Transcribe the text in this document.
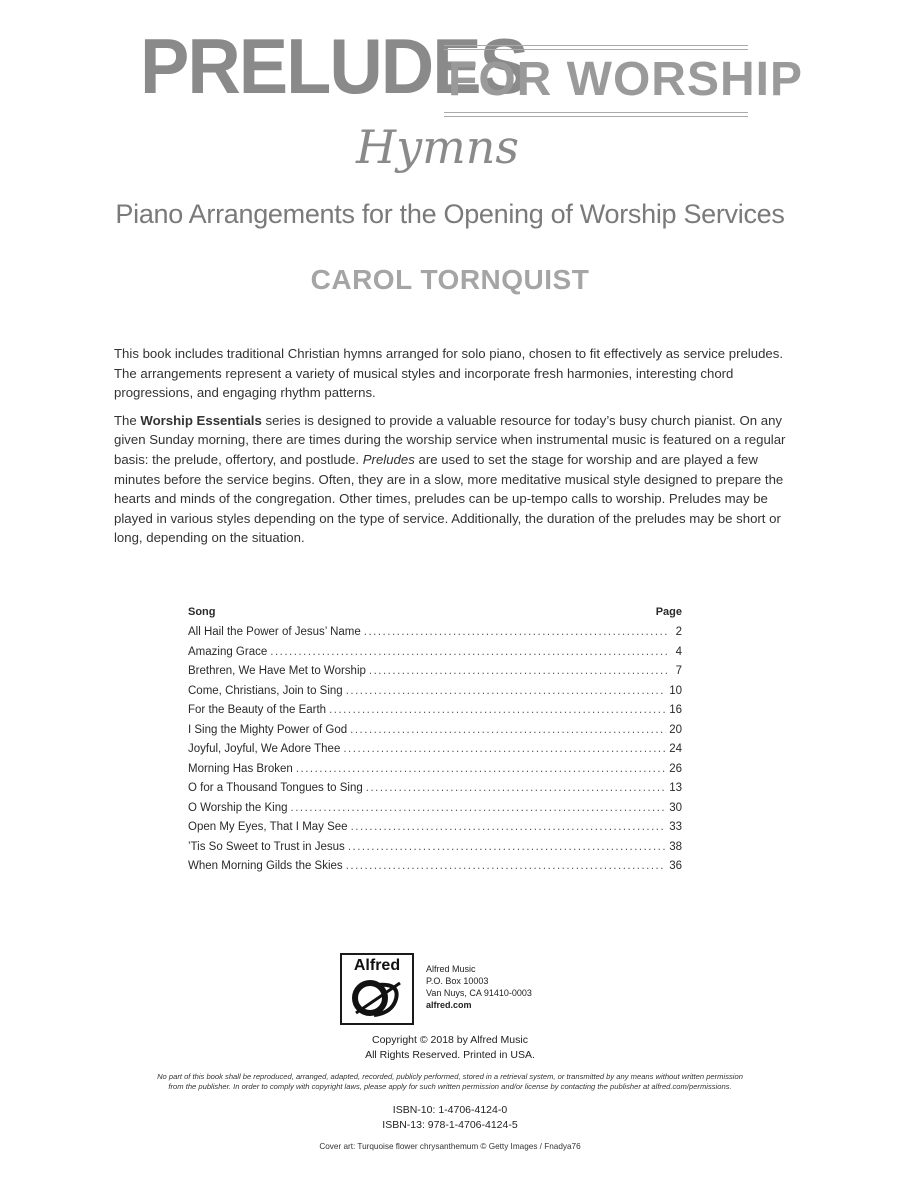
PRELUDES
FOR WORSHIP
Hymns
Piano Arrangements for the Opening of Worship Services
CAROL TORNQUIST

This book includes traditional Christian hymns arranged for solo piano, chosen to fit effectively as service preludes. The arrangements represent a variety of musical styles and incorporate fresh harmonies, interesting chord progressions, and engaging rhythm patterns.

The Worship Essentials series is designed to provide a valuable resource for today’s busy church pianist. On any given Sunday morning, there are times during the worship service when instrumental music is featured on a regular basis: the prelude, offertory, and postlude. Preludes are used to set the stage for worship and are played a few minutes before the service begins. Often, they are in a slow, more meditative musical style designed to prepare the hearts and minds of the congregation. Other times, preludes can be up-tempo calls to worship. Preludes may be played in various styles depending on the type of service. Additionally, the duration of the preludes may be short or long, depending on the situation.

Song	Page
All Hail the Power of Jesus’ Name .....	2
Amazing Grace .....	4
Brethren, We Have Met to Worship .....	7
Come, Christians, Join to Sing .....	10
For the Beauty of the Earth .....	16
I Sing the Mighty Power of God .....	20
Joyful, Joyful, We Adore Thee .....	24
Morning Has Broken .....	26
O for a Thousand Tongues to Sing .....	13
O Worship the King .....	30
Open My Eyes, That I May See .....	33
’Tis So Sweet to Trust in Jesus .....	38
When Morning Gilds the Skies .....	36
Alfred	Alfred Music
P.O. Box 10003
Van Nuys, CA 91410-0003
alfred.com
Copyright © 2018 by Alfred Music
All Rights Reserved. Printed in USA.
No part of this book shall be reproduced, arranged, adapted, recorded, publicly performed, stored in a retrieval system, or transmitted by any means without written permission
from the publisher. In order to comply with copyright laws, please apply for such written permission and/or license by contacting the publisher at alfred.com/permissions.
ISBN-10: 1-4706-4124-0
ISBN-13: 978-1-4706-4124-5
Cover art: Turquoise flower chrysanthemum © Getty Images / Fnadya76
